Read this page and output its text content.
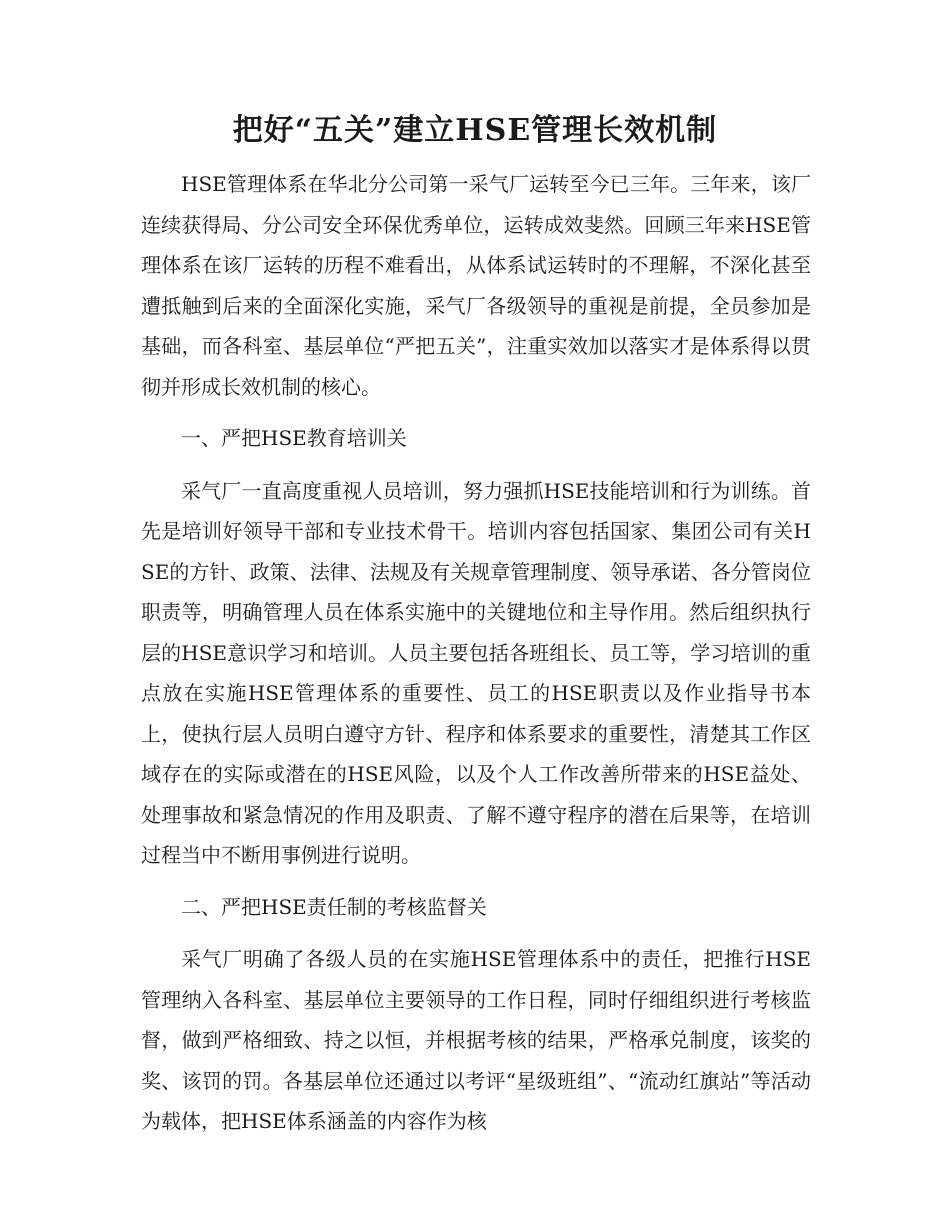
把好“五关”建立HSE管理长效机制

HSE管理体系在华北分公司第一采气厂运转至今已三年。三年来，该厂连续获得局、分公司安全环保优秀单位，运转成效斐然。回顾三年来HSE管理体系在该厂运转的历程不难看出，从体系试运转时的不理解，不深化甚至遭抵触到后来的全面深化实施，采气厂各级领导的重视是前提，全员参加是基础，而各科室、基层单位“严把五关”，注重实效加以落实才是体系得以贯彻并形成长效机制的核心。

一、严把HSE教育培训关

采气厂一直高度重视人员培训，努力强抓HSE技能培训和行为训练。首先是培训好领导干部和专业技术骨干。培训内容包括国家、集团公司有关HSE的方针、政策、法律、法规及有关规章管理制度、领导承诺、各分管岗位职责等，明确管理人员在体系实施中的关键地位和主导作用。然后组织执行层的HSE意识学习和培训。人员主要包括各班组长、员工等，学习培训的重点放在实施HSE管理体系的重要性、员工的HSE职责以及作业指导书本上，使执行层人员明白遵守方针、程序和体系要求的重要性，清楚其工作区域存在的实际或潜在的HSE风险，以及个人工作改善所带来的HSE益处、处理事故和紧急情况的作用及职责、了解不遵守程序的潜在后果等，在培训过程当中不断用事例进行说明。

二、严把HSE责任制的考核监督关

采气厂明确了各级人员的在实施HSE管理体系中的责任，把推行HSE管理纳入各科室、基层单位主要领导的工作日程，同时仔细组织进行考核监督，做到严格细致、持之以恒，并根据考核的结果，严格承兑制度，该奖的奖、该罚的罚。各基层单位还通过以考评“星级班组”、“流动红旗站”等活动为载体，把HSE体系涵盖的内容作为核
